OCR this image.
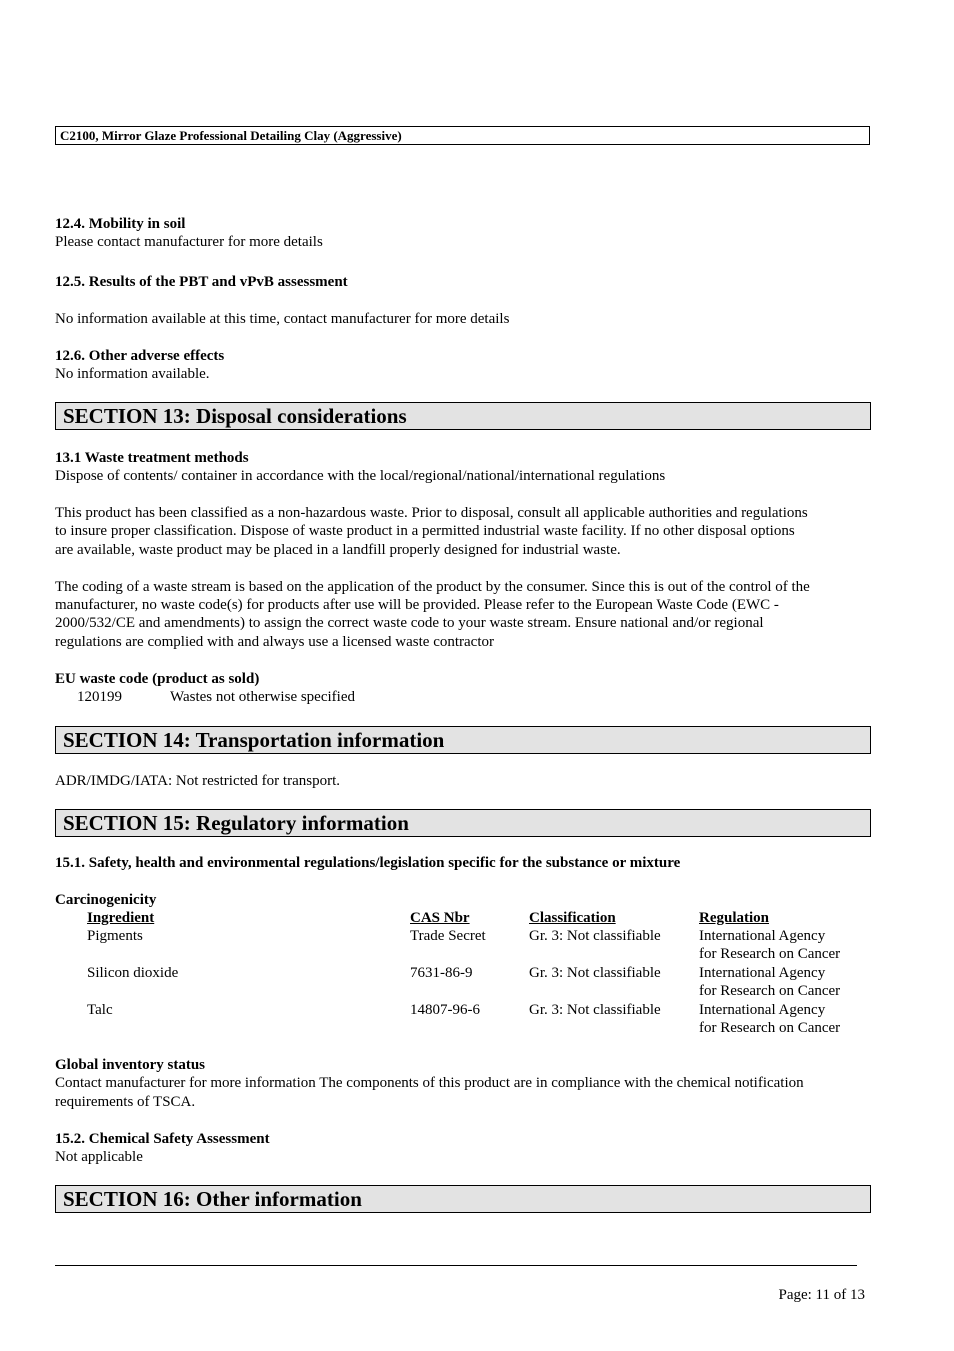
C2100, Mirror Glaze Professional Detailing Clay (Aggressive)
12.4. Mobility in soil
Please contact manufacturer for more details
12.5. Results of the PBT and vPvB assessment
No information available at this time, contact manufacturer for more details
12.6. Other adverse effects
No information available.
SECTION 13: Disposal considerations
13.1 Waste treatment methods
Dispose of contents/ container in accordance with the local/regional/national/international regulations
This product has been classified as a non-hazardous waste. Prior to disposal, consult all applicable authorities and regulations
to insure proper classification. Dispose of waste product in a permitted industrial waste facility. If no other disposal options
are available, waste product may be placed in a landfill properly designed for industrial waste.
The coding of a waste stream is based on the application of the product by the consumer. Since this is out of the control of the
manufacturer, no waste code(s) for products after use will be provided. Please refer to the European Waste Code (EWC -
2000/532/CE and amendments) to assign the correct waste code to your waste stream. Ensure national and/or regional
regulations are complied with and always use a licensed waste contractor
EU waste code (product as sold)
120199	Wastes not otherwise specified
SECTION 14: Transportation information
ADR/IMDG/IATA: Not restricted for transport.
SECTION 15: Regulatory information
15.1. Safety, health and environmental regulations/legislation specific for the substance or mixture
Carcinogenicity
Ingredient	CAS Nbr	Classification	Regulation
Pigments	Trade Secret	Gr. 3: Not classifiable	International Agency
for Research on Cancer
Silicon dioxide	7631-86-9	Gr. 3: Not classifiable	International Agency
for Research on Cancer
Talc	14807-96-6	Gr. 3: Not classifiable	International Agency
for Research on Cancer
Global inventory status
Contact manufacturer for more information The components of this product are in compliance with the chemical notification
requirements of TSCA.
15.2. Chemical Safety Assessment
Not applicable
SECTION 16: Other information
Page: 11 of 13
